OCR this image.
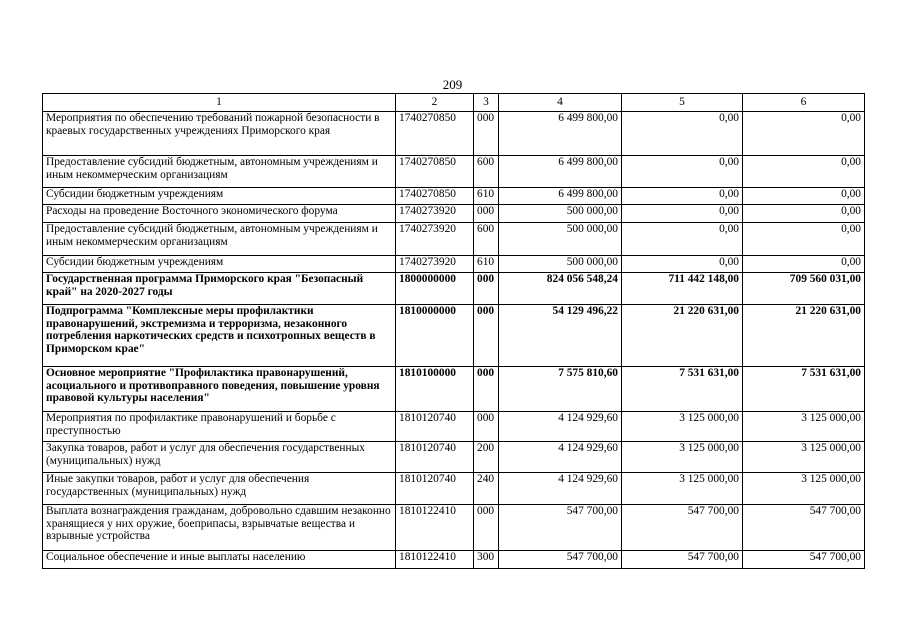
209
1	2	3	4	5	6
Мероприятия по обеспечению требований пожарной безопасности в краевых государственных учреждениях Приморского края	1740270850	000	6 499 800,00	0,00	0,00
Предоставление субсидий бюджетным, автономным учреждениям и иным некоммерческим организациям	1740270850	600	6 499 800,00	0,00	0,00
Субсидии бюджетным учреждениям	1740270850	610	6 499 800,00	0,00	0,00
Расходы на проведение Восточного экономического форума	1740273920	000	500 000,00	0,00	0,00
Предоставление субсидий бюджетным, автономным учреждениям и иным некоммерческим организациям	1740273920	600	500 000,00	0,00	0,00
Субсидии бюджетным учреждениям	1740273920	610	500 000,00	0,00	0,00
Государственная программа Приморского края "Безопасный край" на 2020-2027 годы	1800000000	000	824 056 548,24	711 442 148,00	709 560 031,00
Подпрограмма "Комплексные меры профилактики правонарушений, экстремизма и терроризма, незаконного потребления наркотических средств и психотропных веществ в Приморском крае"	1810000000	000	54 129 496,22	21 220 631,00	21 220 631,00
Основное мероприятие "Профилактика правонарушений, асоциального и противоправного поведения, повышение уровня правовой культуры населения"	1810100000	000	7 575 810,60	7 531 631,00	7 531 631,00
Мероприятия по профилактике правонарушений и борьбе с преступностью	1810120740	000	4 124 929,60	3 125 000,00	3 125 000,00
Закупка товаров, работ и услуг для обеспечения государственных (муниципальных) нужд	1810120740	200	4 124 929,60	3 125 000,00	3 125 000,00
Иные закупки товаров, работ и услуг для обеспечения государственных (муниципальных) нужд	1810120740	240	4 124 929,60	3 125 000,00	3 125 000,00
Выплата вознаграждения гражданам, добровольно сдавшим незаконно хранящиеся у них оружие, боеприпасы, взрывчатые вещества и взрывные устройства	1810122410	000	547 700,00	547 700,00	547 700,00
Социальное обеспечение и иные выплаты населению	1810122410	300	547 700,00	547 700,00	547 700,00
